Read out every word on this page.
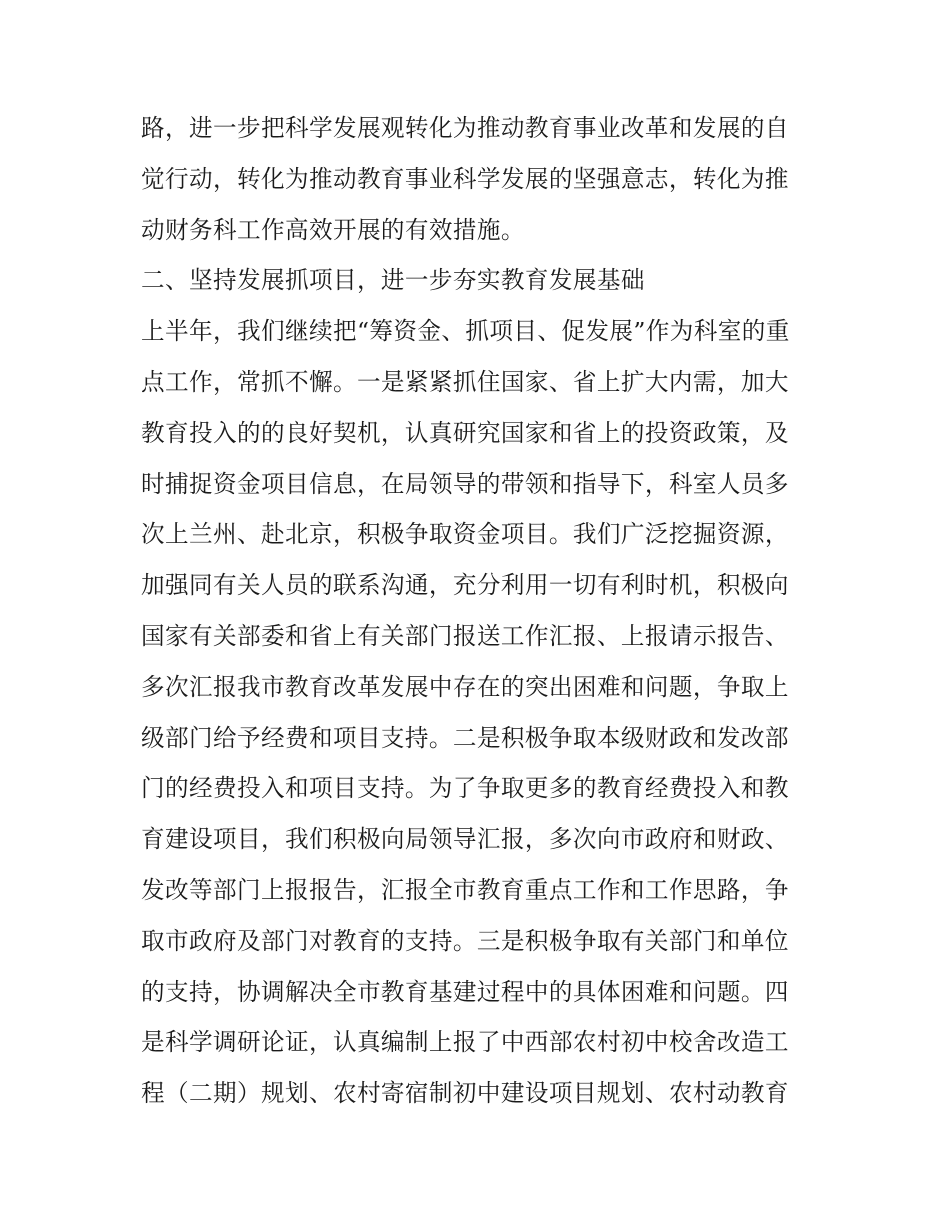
路，进一步把科学发展观转化为推动教育事业改革和发展的自
觉行动，转化为推动教育事业科学发展的坚强意志，转化为推
动财务科工作高效开展的有效措施。
二、坚持发展抓项目，进一步夯实教育发展基础
上半年，我们继续把“筹资金、抓项目、促发展”作为科室的重
点工作，常抓不懈。一是紧紧抓住国家、省上扩大内需，加大
教育投入的的良好契机，认真研究国家和省上的投资政策，及
时捕捉资金项目信息，在局领导的带领和指导下，科室人员多
次上兰州、赴北京，积极争取资金项目。我们广泛挖掘资源，
加强同有关人员的联系沟通，充分利用一切有利时机，积极向
国家有关部委和省上有关部门报送工作汇报、上报请示报告、
多次汇报我市教育改革发展中存在的突出困难和问题，争取上
级部门给予经费和项目支持。二是积极争取本级财政和发改部
门的经费投入和项目支持。为了争取更多的教育经费投入和教
育建设项目，我们积极向局领导汇报，多次向市政府和财政、
发改等部门上报报告，汇报全市教育重点工作和工作思路，争
取市政府及部门对教育的支持。三是积极争取有关部门和单位
的支持，协调解决全市教育基建过程中的具体困难和问题。四
是科学调研论证，认真编制上报了中西部农村初中校舍改造工
程（二期）规划、农村寄宿制初中建设项目规划、农村动教育
